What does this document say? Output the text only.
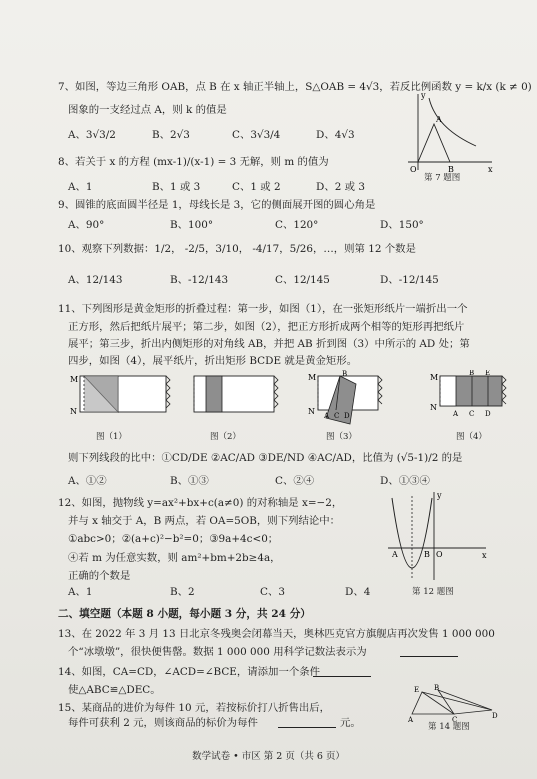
7、如图，等边三角形 OAB，点 B 在 x 轴正半轴上，S△OAB = 4√3，若反比例函数 y = k/x (k ≠ 0)
图象的一支经过点 A，则 k 的值是
A、3√3/2	B、2√3	C、3√3/4	D、4√3
y
x
A
O	B
第 7 题图
8、若关于 x 的方程 (mx-1)/(x-1) = 3 无解，则 m 的值为
A、1	B、1 或 3	C、1 或 2	D、2 或 3
9、圆锥的底面圆半径是 1，母线长是 3，它的侧面展开图的圆心角是
A、90°	B、100°	C、120°	D、150°
10、观察下列数据：1/2， -2/5，3/10， -4/17，5/26，…，则第 12 个数是
A、12/143	B、-12/143	C、12/145	D、-12/145
11、下列图形是黄金矩形的折叠过程：第一步，如图（1），在一张矩形纸片一端折出一个
正方形，然后把纸片展平；第二步，如图（2），把正方形折成两个相等的矩形再把纸片
展平；第三步，折出内侧矩形的对角线 AB，并把 AB 折到图（3）中所示的 AD 处；第
四步，如图（4），展平纸片，折出矩形 BCDE 就是黄金矩形。
M
N
图（1）	图（2）
M	B
N A C D
图（3）
M	B E
N
A C D
图（4）
则下列线段的比中：①CD/DE ②AC/AD ③DE/ND ④AC/AD，比值为 (√5-1)/2 的是
A、①②	B、①③	C、②④	D、①③④
12、如图，抛物线 y=ax²+bx+c(a≠0) 的对称轴是 x=−2，
并与 x 轴交于 A，B 两点，若 OA=5OB，则下列结论中：
①abc>0；②(a+c)²−b²=0；③9a+4c<0；
④若 m 为任意实数，则 am²+bm+2b≥4a，
正确的个数是
A、1	B、2	C、3	D、4
y
x
A	O
B
第 12 题图
二、填空题（本题 8 小题，每小题 3 分，共 24 分）
13、在 2022 年 3 月 13 日北京冬残奥会闭幕当天，奥林匹克官方旗舰店再次发售 1 000 000
个“冰墩墩”，很快便售罄。数据 1 000 000 用科学记数法表示为
14、如图，CA=CD，∠ACD=∠BCE，请添加一个条件
使△ABC≌△DEC。	E B
A	C	D
第 14 题图
15、某商品的进价为每件 10 元，若按标价打八折售出后，
每件可获利 2 元，则该商品的标价为每件	元。
数学试卷 • 市区 第 2 页（共 6 页）
